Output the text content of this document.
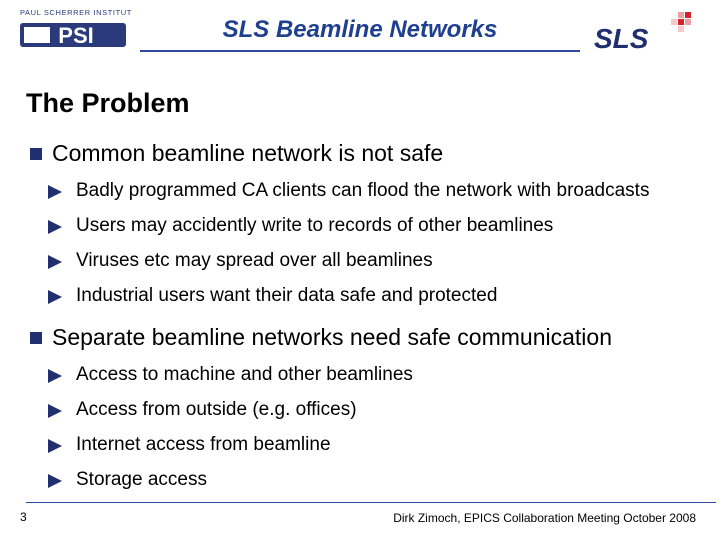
PAUL SCHERRER INSTITUT
PSI	SLS Beamline Networks	SLS
The Problem
Common beamline network is not safe
Badly programmed CA clients can flood the network with broadcasts
Users may accidently write to records of other beamlines
Viruses etc may spread over all beamlines
Industrial users want their data safe and protected
Separate beamline networks need safe communication
Access to machine and other beamlines
Access from outside (e.g. offices)
Internet access from beamline
Storage access
3	Dirk Zimoch, EPICS Collaboration Meeting October 2008
